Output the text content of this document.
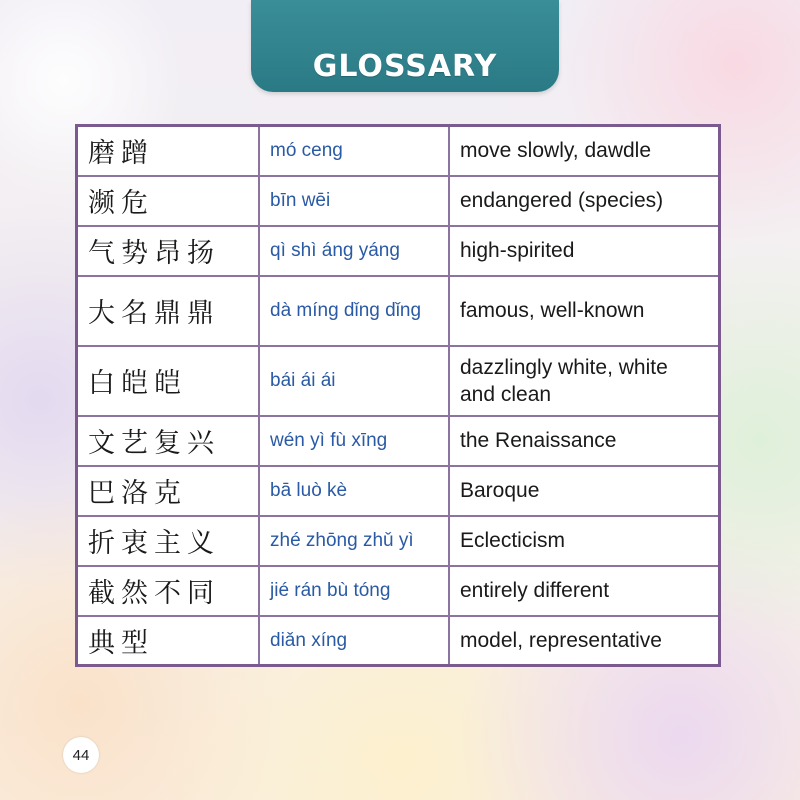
GLOSSARY
磨蹭	mó ceng	move slowly, dawdle
濒危	bīn wēi	endangered (species)
气势昂扬	qì shì áng yáng	high-spirited
大名鼎鼎	dà míng dǐng dǐng	famous, well-known
白皑皑	bái ái ái	dazzlingly white, white and clean
文艺复兴	wén yì fù xīng	the Renaissance
巴洛克	bā luò kè	Baroque
折衷主义	zhé zhōng zhǔ yì	Eclecticism
截然不同	jié rán bù tóng	entirely different
典型	diǎn xíng	model, representative
44
